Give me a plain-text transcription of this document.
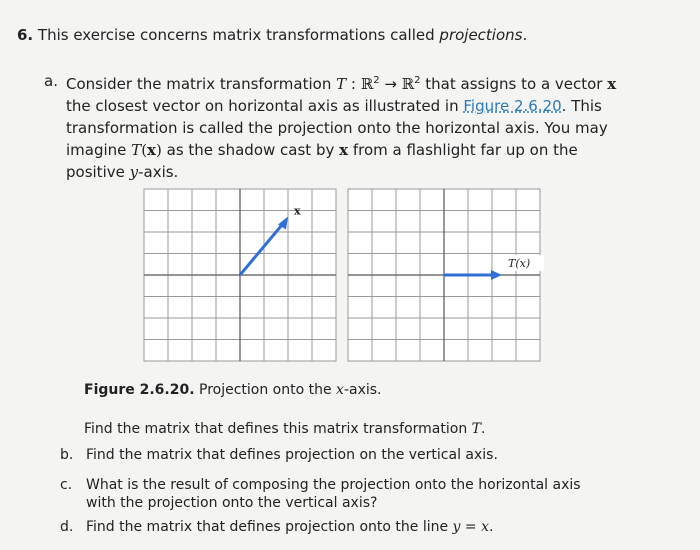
6. This exercise concerns matrix transformations called projections.
a. Consider the matrix transformation T : ℝ$^2$ → ℝ$^2$ that assigns to a vector x
the closest vector on horizontal axis as illustrated in Figure 2.6.20. This
transformation is called the projection onto the horizontal axis. You may
imagine T(x) as the shadow cast by x from a flashlight far up on the
positive y-axis.
x
T(x)
Figure 2.6.20. Projection onto the x-axis.
Find the matrix that defines this matrix transformation T.
b. Find the matrix that defines projection on the vertical axis.
c. What is the result of composing the projection onto the horizontal axis
with the projection onto the vertical axis?
d. Find the matrix that defines projection onto the line y = x.
